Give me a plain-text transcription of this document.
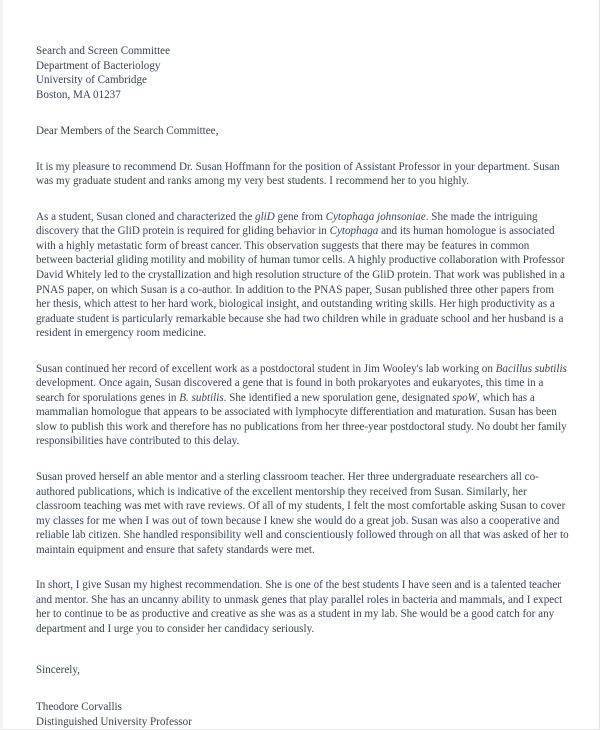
Search and Screen Committee
Department of Bacteriology
University of Cambridge
Boston, MA 01237

Dear Members of the Search Committee,

It is my pleasure to recommend Dr. Susan Hoffmann for the position of Assistant Professor in your department. Susan was my graduate student and ranks among my very best students. I recommend her to you highly.

As a student, Susan cloned and characterized the gliD gene from Cytophaga johnsoniae. She made the intriguing discovery that the GliD protein is required for gliding behavior in Cytophaga and its human homologue is associated with a highly metastatic form of breast cancer. This observation suggests that there may be features in common between bacterial gliding motility and mobility of human tumor cells. A highly productive collaboration with Professor David Whitely led to the crystallization and high resolution structure of the GliD protein. That work was published in a PNAS paper, on which Susan is a co-author. In addition to the PNAS paper, Susan published three other papers from her thesis, which attest to her hard work, biological insight, and outstanding writing skills. Her high productivity as a graduate student is particularly remarkable because she had two children while in graduate school and her husband is a resident in emergency room medicine.

Susan continued her record of excellent work as a postdoctoral student in Jim Wooley's lab working on Bacillus subtilis development. Once again, Susan discovered a gene that is found in both prokaryotes and eukaryotes, this time in a search for sporulations genes in B. subtilis. She identified a new sporulation gene, designated spoW, which has a mammalian homologue that appears to be associated with lymphocyte differentiation and maturation. Susan has been slow to publish this work and therefore has no publications from her three-year postdoctoral study. No doubt her family responsibilities have contributed to this delay.

Susan proved herself an able mentor and a sterling classroom teacher. Her three undergraduate researchers all co-authored publications, which is indicative of the excellent mentorship they received from Susan. Similarly, her classroom teaching was met with rave reviews. Of all of my students, I felt the most comfortable asking Susan to cover my classes for me when I was out of town because I knew she would do a great job. Susan was also a cooperative and reliable lab citizen. She handled responsibility well and conscientiously followed through on all that was asked of her to maintain equipment and ensure that safety standards were met.

In short, I give Susan my highest recommendation. She is one of the best students I have seen and is a talented teacher and mentor. She has an uncanny ability to unmask genes that play parallel roles in bacteria and mammals, and I expect her to continue to be as productive and creative as she was as a student in my lab. She would be a good catch for any department and I urge you to consider her candidacy seriously.

Sincerely,

Theodore Corvallis
Distinguished University Professor
